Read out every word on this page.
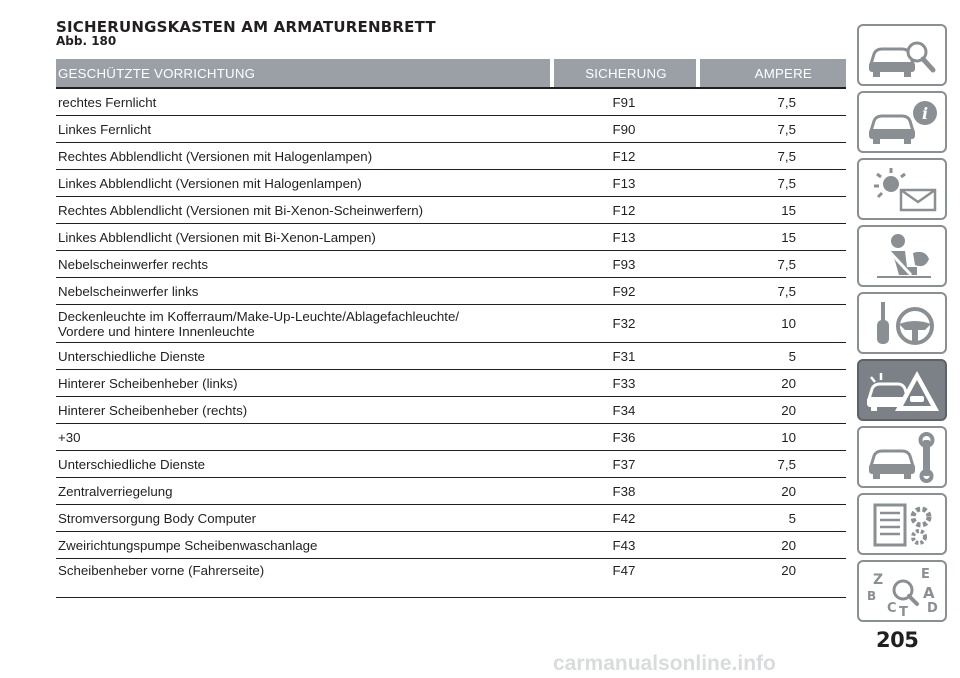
SICHERUNGSKASTEN AM ARMATURENBRETT
Abb. 180
GESCHÜTZTE VORRICHTUNG		SICHERUNG		AMPERE
rechtes Fernlicht	F91		7,5	
Linkes Fernlicht	F90		7,5	
Rechtes Abblendlicht (Versionen mit Halogenlampen)	F12		7,5	
Linkes Abblendlicht (Versionen mit Halogenlampen)	F13		7,5	
Rechtes Abblendlicht (Versionen mit Bi-Xenon-Scheinwerfern)	F12		15	
Linkes Abblendlicht (Versionen mit Bi-Xenon-Lampen)	F13		15	
Nebelscheinwerfer rechts	F93		7,5	
Nebelscheinwerfer links	F92		7,5	
Deckenleuchte im Kofferraum/Make-Up-Leuchte/Ablagefachleuchte/
Vordere und hintere Innenleuchte	F32		10	
Unterschiedliche Dienste	F31		5	
Hinterer Scheibenheber (links)	F33		20	
Hinterer Scheibenheber (rechts)	F34		20	
+30	F36		10	
Unterschiedliche Dienste	F37		7,5	
Zentralverriegelung	F38		20	
Stromversorgung Body Computer	F42		5	
Zweirichtungspumpe Scheibenwaschanlage	F43		20	
Scheibenheber vorne (Fahrerseite)	F47		20	
i
Z	E
A
B
C T D
205
carmanualsonline.info
